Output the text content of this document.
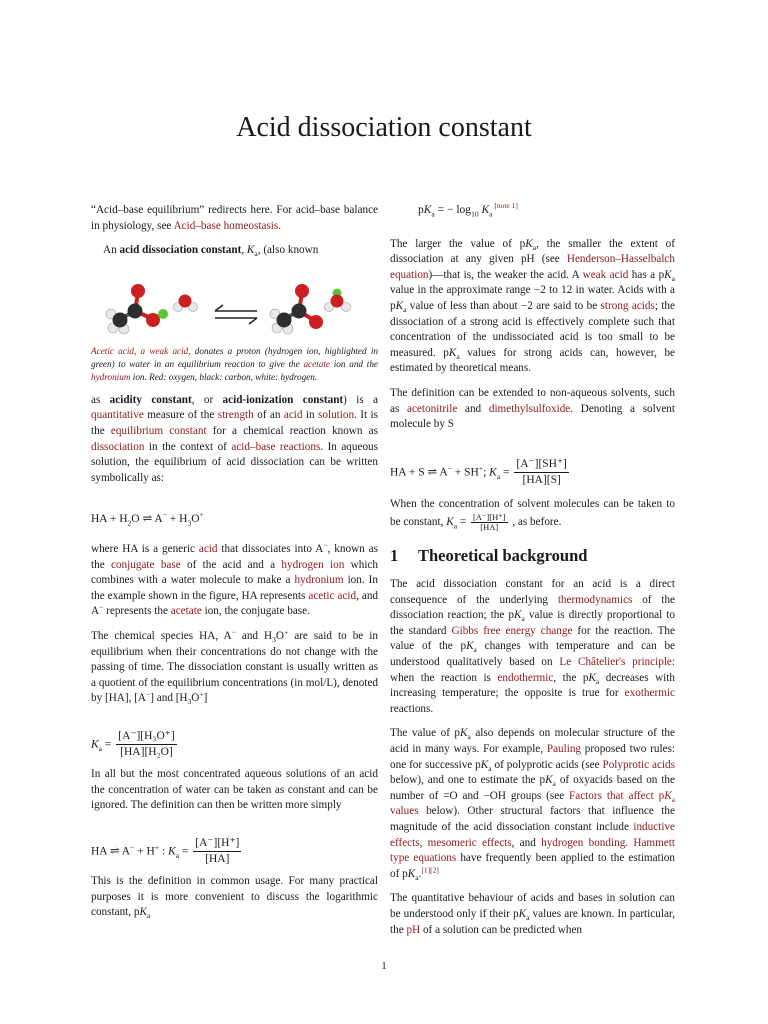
Acid dissociation constant

“Acid–base equilibrium” redirects here. For acid–base balance in physiology, see Acid–base homeostasis.

An acid dissociation constant, $K_a$, (also known

Acetic acid, a weak acid, donates a proton (hydrogen ion, highlighted in green) to water in an equilibrium reaction to give the acetate ion and the hydronium ion. Red: oxygen, black: carbon, white: hydrogen.

as acidity constant, or acid-ionization constant) is a quantitative measure of the strength of an acid in solution. It is the equilibrium constant for a chemical reaction known as dissociation in the context of acid–base reactions. In aqueous solution, the equilibrium of acid dissociation can be written symbolically as:

HA + $H_2O$ ⇌ $A^- + H_3O^+$

where HA is a generic acid that dissociates into A−, known as the conjugate base of the acid and a hydrogen ion which combines with a water molecule to make a hydronium ion. In the example shown in the figure, HA represents acetic acid, and A− represents the acetate ion, the conjugate base.

The chemical species HA, A− and $H_3O^+$ are said to be in equilibrium when their concentrations do not change with the passing of time. The dissociation constant is usually written as a quotient of the equilibrium concentrations (in mol/L), denoted by [HA], [A−] and $[H_3O^+]$

$K_a = \frac{\text{[A⁻][H₃O⁺]}}{\text{[HA][H₂O]}}$

In all but the most concentrated aqueous solutions of an acid the concentration of water can be taken as constant and can be ignored. The definition can then be written more simply

HA ⇌ A− + H+ : $K_a = \frac{[A^-][H^+]}{[HA]}$

This is the definition in common usage. For many practical purposes it is more convenient to discuss the logarithmic constant, $pK_a$

$pK_a$ = − $\log_{10} K_a$ [note 1]

The larger the value of $pK_a$, the smaller the extent of dissociation at any given pH (see Henderson–Hasselbalch equation)—that is, the weaker the acid. A weak acid has a $pK_a$ value in the approximate range −2 to 12 in water. Acids with a $pK_a$ value of less than about −2 are said to be strong acids; the dissociation of a strong acid is effectively complete such that concentration of the undissociated acid is too small to be measured. $pK_a$ values for strong acids can, however, be estimated by theoretical means.

The definition can be extended to non-aqueous solvents, such as acetonitrile and dimethylsulfoxide. Denoting a solvent molecule by S

HA + S ⇌ A− + SH+; $K_a = \frac{[A^-][SH^+]}{[HA][S]}$

When the concentration of solvent molecules can be taken to be constant, $K_a = \frac{[A^-][H^+]}{[HA]}$ , as before.

1 Theoretical background

The acid dissociation constant for an acid is a direct consequence of the underlying thermodynamics of the dissociation reaction; the $pK_a$ value is directly proportional to the standard Gibbs free energy change for the reaction. The value of the $pK_a$ changes with temperature and can be understood qualitatively based on Le Châtelier's principle: when the reaction is endothermic, the $pK_a$ decreases with increasing temperature; the opposite is true for exothermic reactions.

The value of $pK_a$ also depends on molecular structure of the acid in many ways. For example, Pauling proposed two rules: one for successive $pK_a$ of polyprotic acids (see Polyprotic acids below), and one to estimate the $pK_a$ of oxyacids based on the number of =O and −OH groups (see Factors that affect $pK_a$ values below). Other structural factors that influence the magnitude of the acid dissociation constant include inductive effects, mesomeric effects, and hydrogen bonding. Hammett type equations have frequently been applied to the estimation of $pK_a.[1][2]$

The quantitative behaviour of acids and bases in solution can be understood only if their $pK_a$ values are known. In particular, the pH of a solution can be predicted when

1
